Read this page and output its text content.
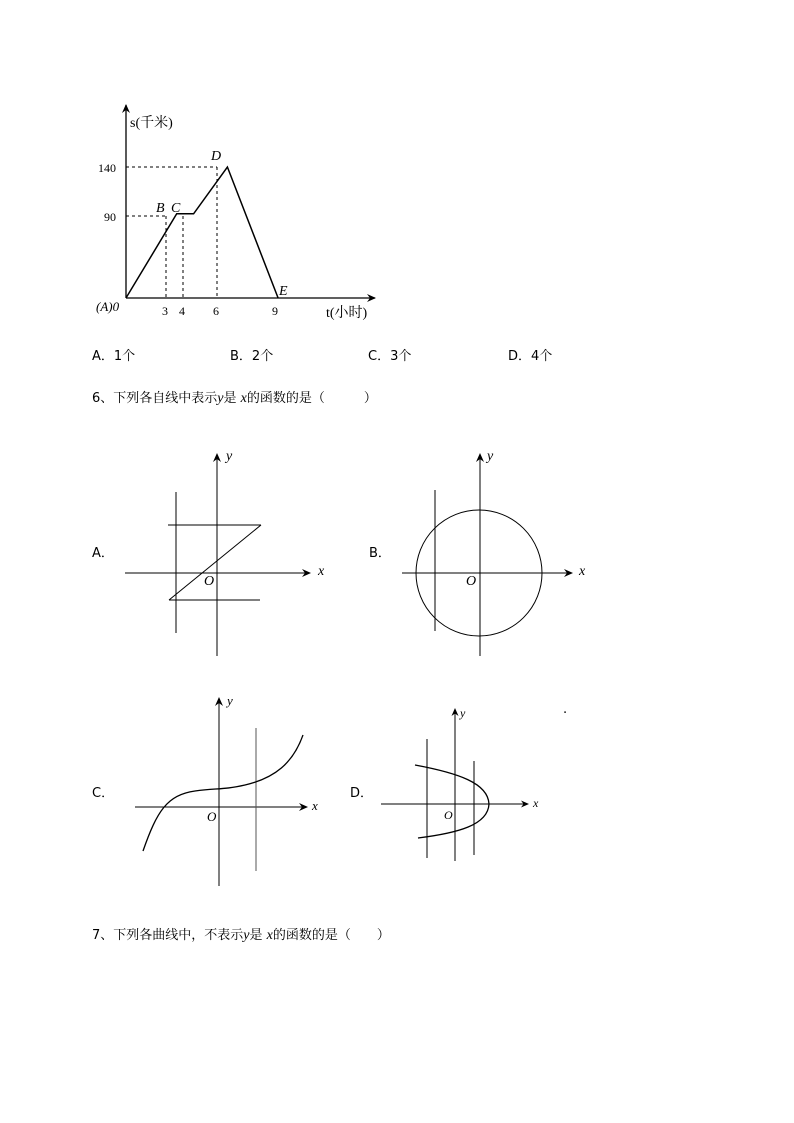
s(千米)
t(小时)
(A)0
140
90
3 4 6	9
B C
D
E
A．1个	B．2个	C．3个	D．4个
6、下列各自线中表示y是 x的函数的是（　　　）
A．
x
y
O
B．
x
y
O
C．
x
y
O
D．
x
y
O
.
7、下列各曲线中，不表示y是 x的函数的是（　　）
